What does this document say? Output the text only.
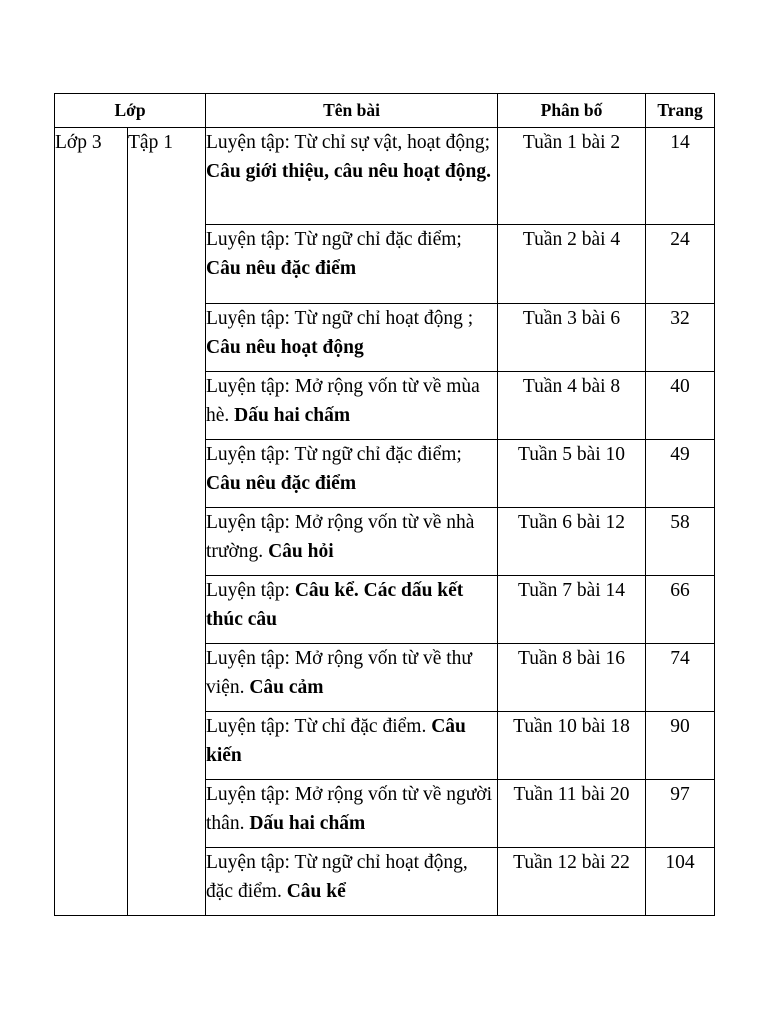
Lớp		Tên bài	Phân bố	Trang
Lớp 3	Tập 1	Luyện tập: Từ chỉ sự vật, hoạt động; Câu giới thiệu, câu nêu hoạt động.	Tuần 1 bài 2	14
		Luyện tập: Từ ngữ chỉ đặc điểm; Câu nêu đặc điểm	Tuần 2 bài 4	24
		Luyện tập: Từ ngữ chỉ hoạt động ; Câu nêu hoạt động	Tuần 3 bài 6	32
		Luyện tập: Mở rộng vốn từ về mùa hè. Dấu hai chấm	Tuần 4 bài 8	40
		Luyện tập: Từ ngữ chỉ đặc điểm; Câu nêu đặc điểm	Tuần 5 bài 10	49
		Luyện tập: Mở rộng vốn từ về nhà trường. Câu hỏi	Tuần 6 bài 12	58
		Luyện tập: Câu kể. Các dấu kết thúc câu	Tuần 7 bài 14	66
		Luyện tập: Mở rộng vốn từ về thư viện. Câu cảm	Tuần 8 bài 16	74
		Luyện tập: Từ chỉ đặc điểm. Câu kiến	Tuần 10 bài 18	90
		Luyện tập: Mở rộng vốn từ về người thân. Dấu hai chấm	Tuần 11 bài 20	97
		Luyện tập: Từ ngữ chỉ hoạt động, đặc điểm. Câu kể	Tuần 12 bài 22	104
